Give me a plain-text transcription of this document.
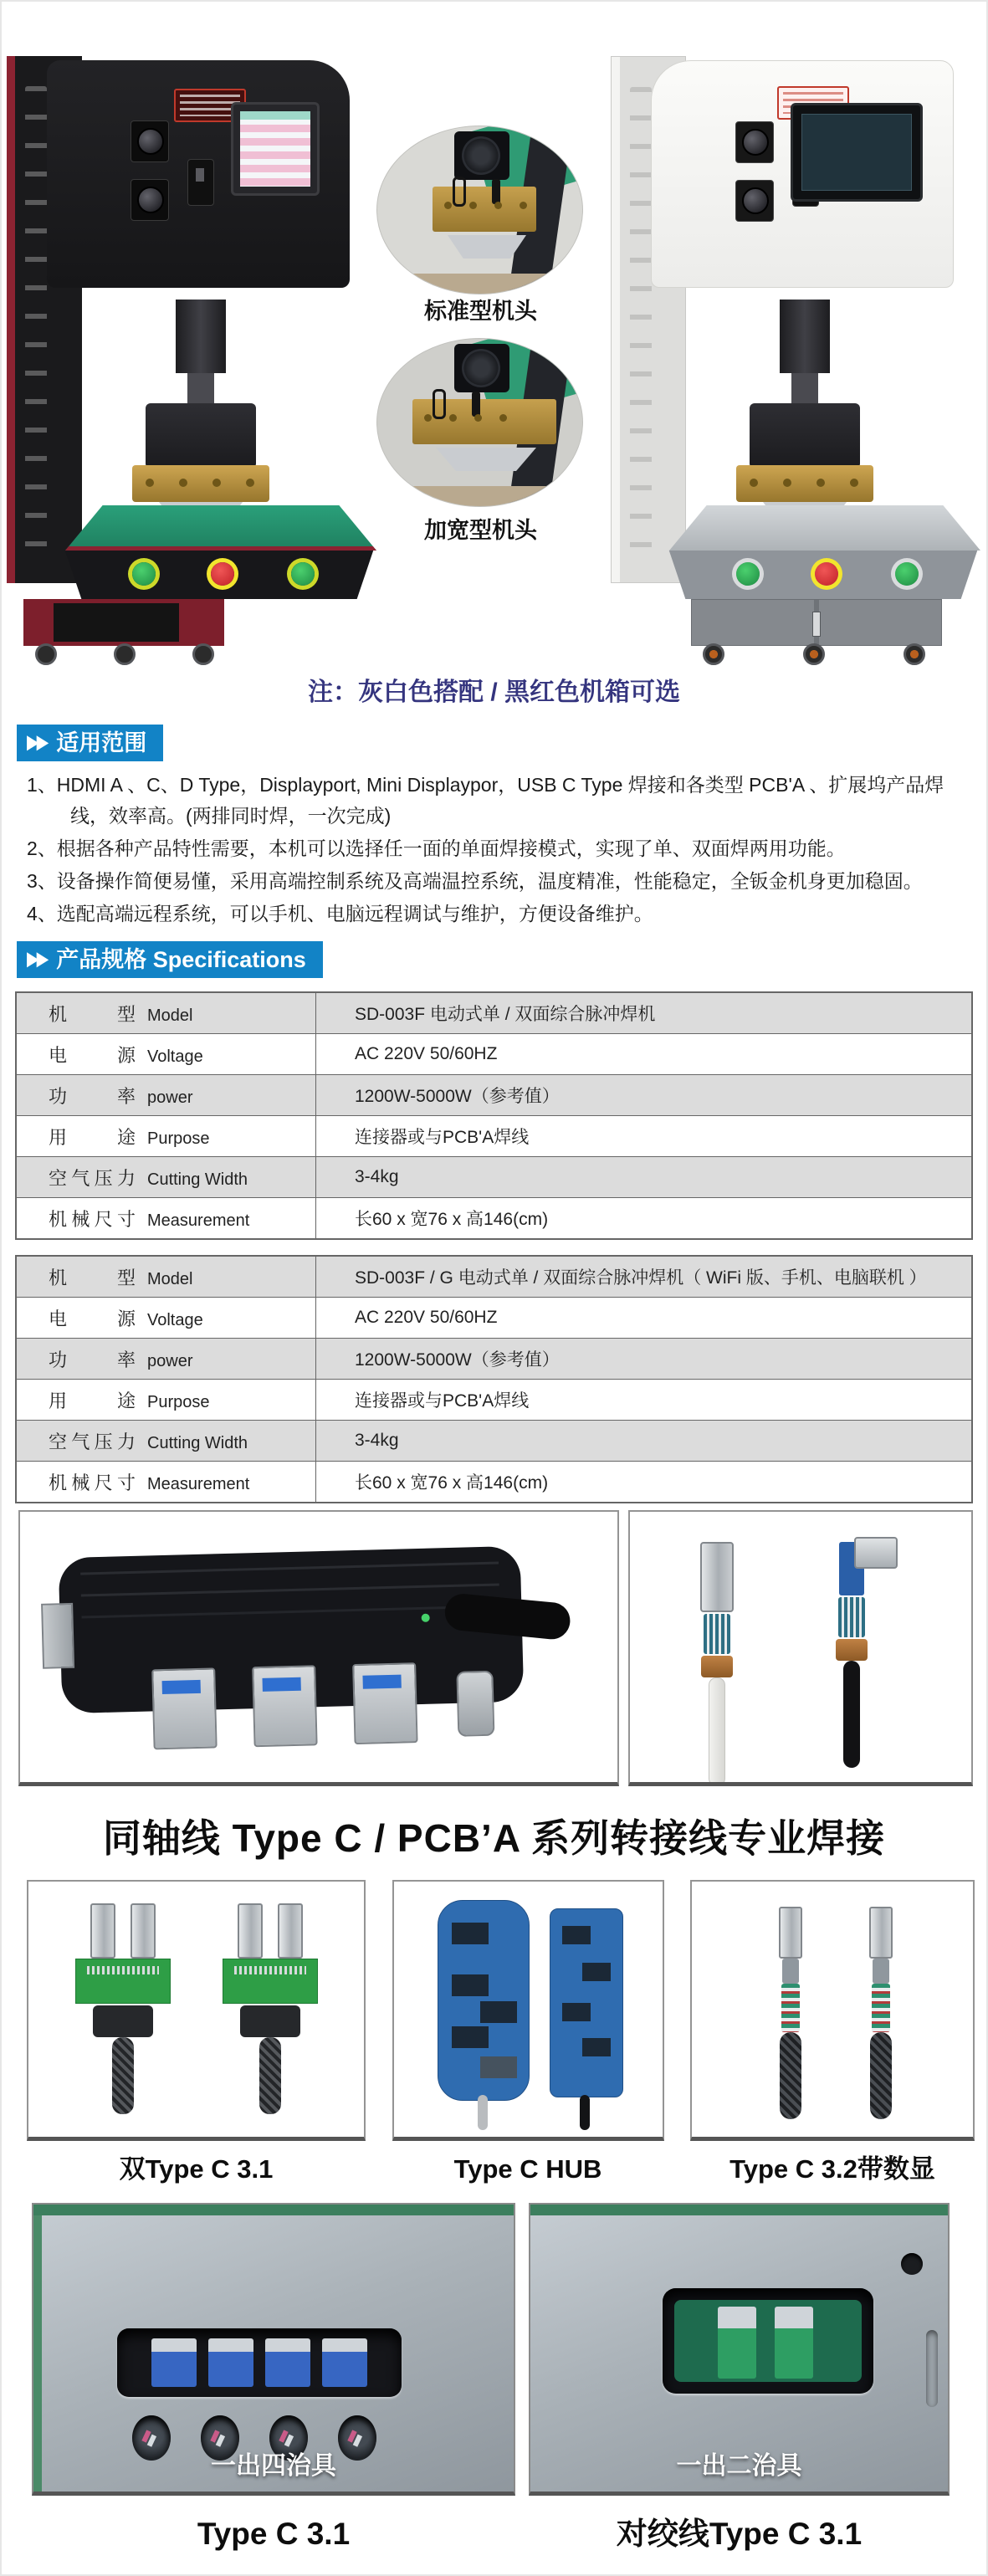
标准型机头
加宽型机头
注：灰白色搭配 / 黑红色机箱可选
▶▶ 适用范围
1、HDMI A 、C、D Type，Displayport, Mini Displaypor，USB C Type 焊接和各类型 PCB'A 、扩展坞产品焊线，效率高。(两排同时焊，一次完成)
2、根据各种产品特性需要，本机可以选择任一面的单面焊接模式，实现了单、双面焊两用功能。
3、设备操作简便易懂，采用高端控制系统及高端温控系统，温度精准，性能稳定，全钣金机身更加稳固。
4、选配高端远程系统，可以手机、电脑远程调试与维护，方便设备维护。
▶▶ 产品规格 Specifications
机 型 Model	SD-003F 电动式单 / 双面综合脉冲焊机
电 源 Voltage	AC 220V 50/60HZ
功 率 power	1200W-5000W（参考值）
用 途 Purpose	连接器或与PCB'A焊线
空气压力 Cutting Width	3-4kg
机械尺寸 Measurement	长60 x 宽76 x 高146(cm)
机 型 Model	SD-003F / G 电动式单 / 双面综合脉冲焊机（ WiFi 版、手机、电脑联机 ）
电 源 Voltage	AC 220V 50/60HZ
功 率 power	1200W-5000W（参考值）
用 途 Purpose	连接器或与PCB'A焊线
空气压力 Cutting Width	3-4kg
机械尺寸 Measurement	长60 x 宽76 x 高146(cm)
同轴线 Type C / PCB’A 系列转接线专业焊接
双Type C 3.1	Type C HUB	Type C 3.2带数显
一出四治具	一出二治具
Type C 3.1	对绞线Type C 3.1
